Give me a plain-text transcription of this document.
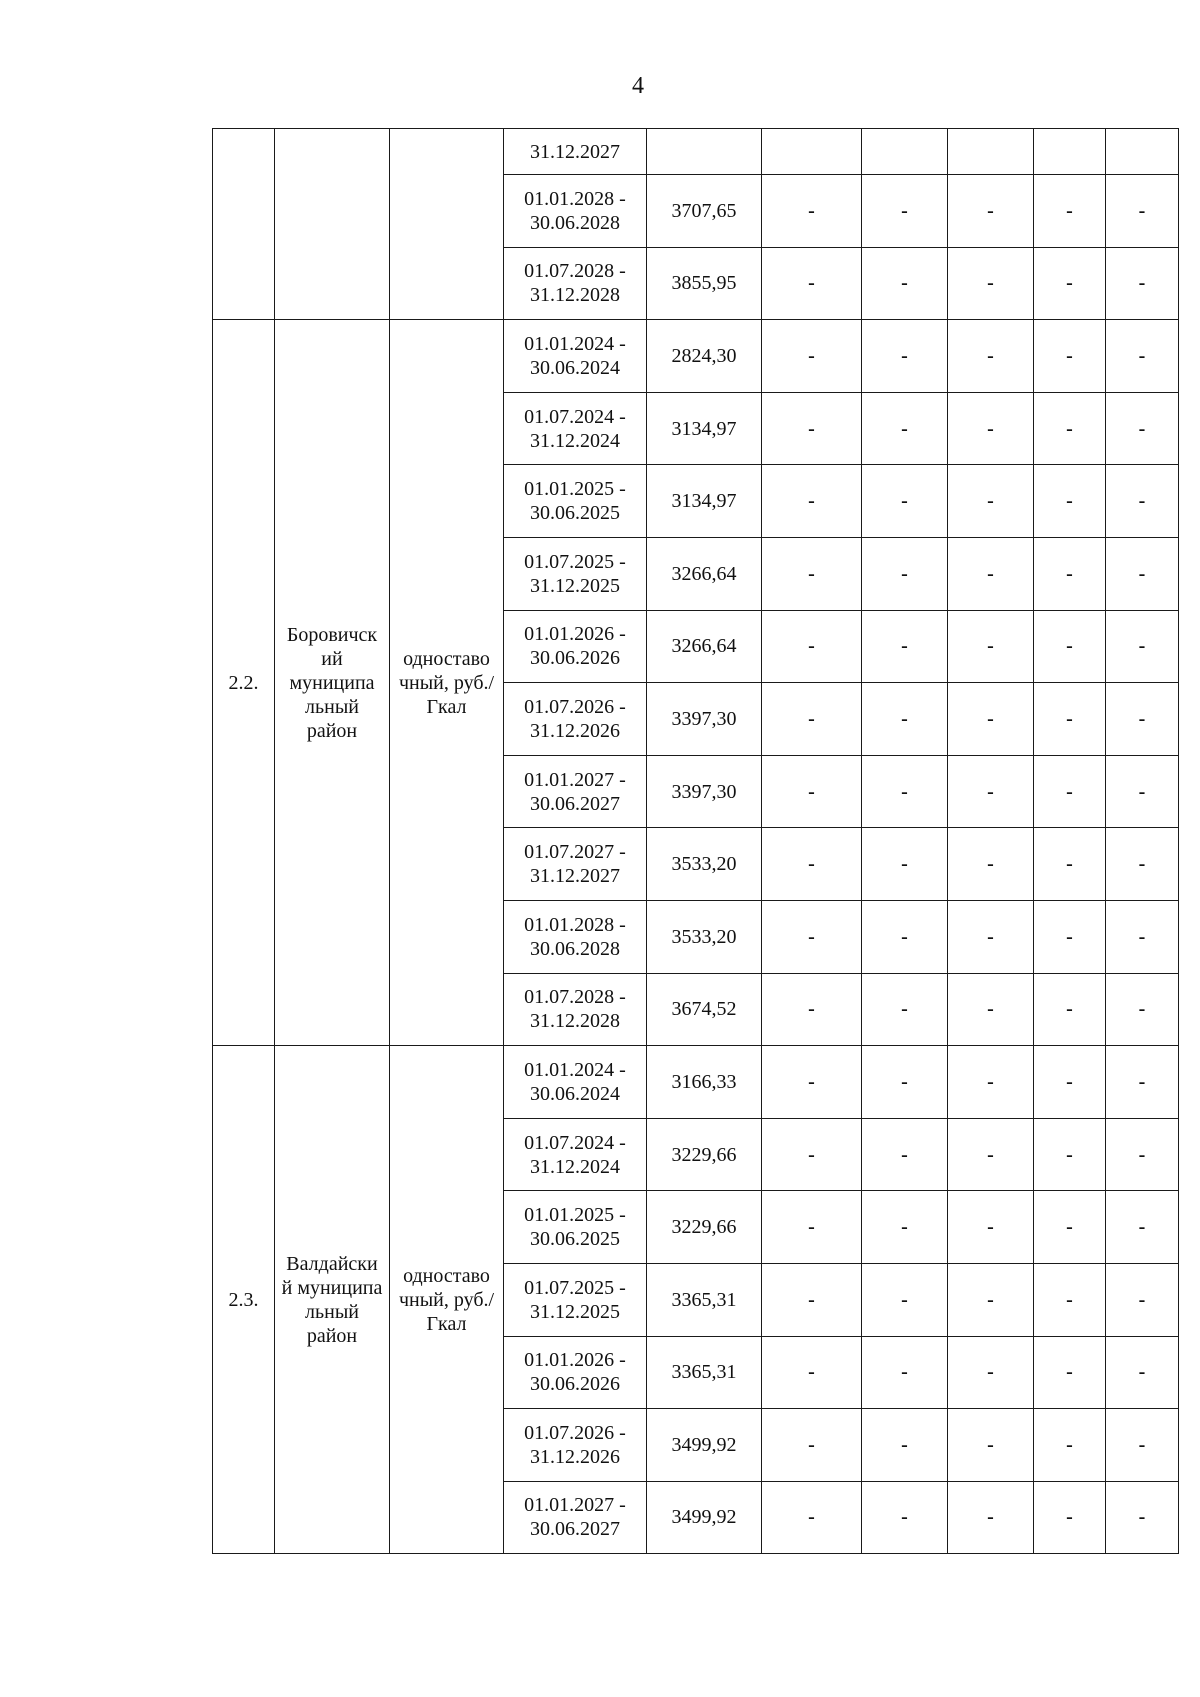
4
			31.12.2027						
			01.01.2028 -
30.06.2028	3707,65	-	-	-	-	-
			01.07.2028 -
31.12.2028	3855,95	-	-	-	-	-
2.2.	Боровичск ий муниципа льный район	одноставо чный, руб./Гкал	01.01.2024 -
30.06.2024	2824,30	-	-	-	-	-
			01.07.2024 -
31.12.2024	3134,97	-	-	-	-	-
			01.01.2025 -
30.06.2025	3134,97	-	-	-	-	-
			01.07.2025 -
31.12.2025	3266,64	-	-	-	-	-
			01.01.2026 -
30.06.2026	3266,64	-	-	-	-	-
			01.07.2026 -
31.12.2026	3397,30	-	-	-	-	-
			01.01.2027 -
30.06.2027	3397,30	-	-	-	-	-
			01.07.2027 -
31.12.2027	3533,20	-	-	-	-	-
			01.01.2028 -
30.06.2028	3533,20	-	-	-	-	-
			01.07.2028 -
31.12.2028	3674,52	-	-	-	-	-
2.3.	Валдайски й муниципа льный район	одноставо чный, руб./Гкал	01.01.2024 -
30.06.2024	3166,33	-	-	-	-	-
			01.07.2024 -
31.12.2024	3229,66	-	-	-	-	-
			01.01.2025 -
30.06.2025	3229,66	-	-	-	-	-
			01.07.2025 -
31.12.2025	3365,31	-	-	-	-	-
			01.01.2026 -
30.06.2026	3365,31	-	-	-	-	-
			01.07.2026 -
31.12.2026	3499,92	-	-	-	-	-
			01.01.2027 -
30.06.2027	3499,92	-	-	-	-	-
